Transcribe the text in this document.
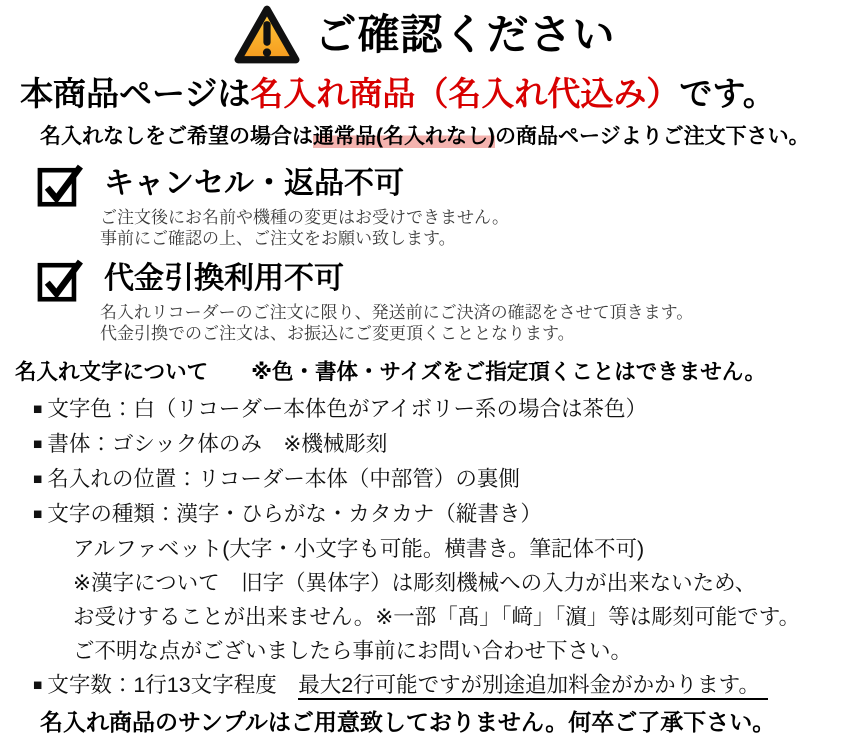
ご確認ください
本商品ページは名入れ商品（名入れ代込み）です。
名入れなしをご希望の場合は通常品(名入れなし)の商品ページよりご注文下さい。
キャンセル・返品不可
ご注文後にお名前や機種の変更はお受けできません。
事前にご確認の上、ご注文をお願い致します。
代金引換利用不可
名入れリコーダーのご注文に限り、発送前にご決済の確認をさせて頂きます。
代金引換でのご注文は、お振込にご変更頂くこととなります。
名入れ文字について　　※色・書体・サイズをご指定頂くことはできません。
■ 文字色：白（リコーダー本体色がアイボリー系の場合は茶色）
■ 書体：ゴシック体のみ　※機械彫刻
■ 名入れの位置：リコーダー本体（中部管）の裏側
■ 文字の種類：漢字・ひらがな・カタカナ（縦書き）
アルファベット(大字・小文字も可能。横書き。筆記体不可)
※漢字について　旧字（異体字）は彫刻機械への入力が出来ないため、
お受けすることが出来ません。※一部「髙」「﨑」「濵」等は彫刻可能です。
ご不明な点がございましたら事前にお問い合わせ下さい。
■ 文字数：1行13文字程度　最大2行可能ですが別途追加料金がかかります。
名入れ商品のサンプルはご用意致しておりません。何卒ご了承下さい。
